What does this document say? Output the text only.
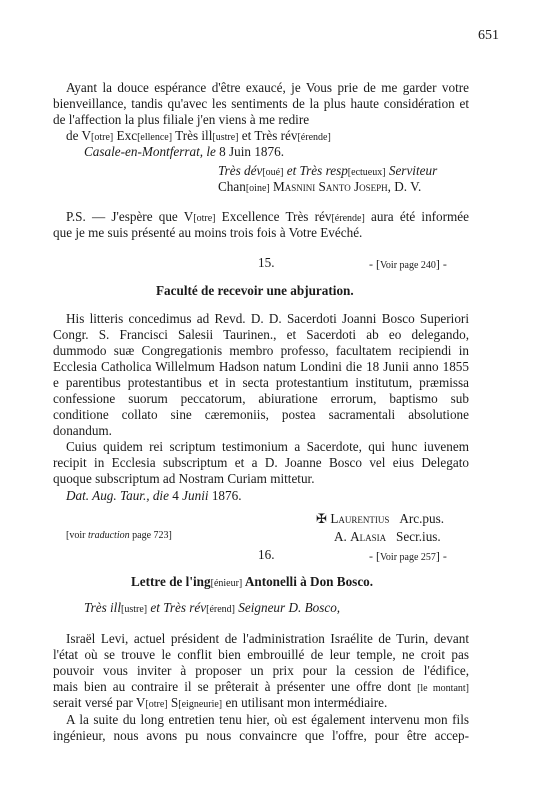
651
Ayant la douce espérance d'être exaucé, je Vous prie de me garder votre
bienveillance, tandis qu'avec les sentiments de la plus haute considération et
de l'affection la plus filiale j'en viens à me redire
de V[otre] Exc[ellence] Très ill[ustre] et Très rév[érende]
Casale-en-Montferrat, le 8 Juin 1876.
Très dév[oué] et Très resp[ectueux] Serviteur
Chan[oine] Masnini Santo Joseph, D. V.
P.S. — J'espère que V[otre] Excellence Très rév[érende] aura été informée
que je me suis présenté au moins trois fois à Votre Evéché.
15.	- [Voir page 240] -
Faculté de recevoir une abjuration.
His litteris concedimus ad Revd. D. D. Sacerdoti Joanni Bosco Superiori
Congr. S. Francisci Salesii Taurinen., et Sacerdoti ab eo delegando,
dummodo suæ Congregationis membro professo, facultatem recipiendi in
Ecclesia Catholica Willelmum Hadson natum Londini die 18 Junii anno 1855
e parentibus protestantibus et in secta protestantium institutum, præmissa
confessione suorum peccatorum, abiuratione errorum, baptismo sub
conditione collato sine cæremoniis, postea sacramentali absolutione
donandum.
Cuius quidem rei scriptum testimonium a Sacerdote, qui hunc iuvenem
recipit in Ecclesia subscriptum et a D. Joanne Bosco vel eius Delegato
quoque subscriptum ad Nostram Curiam mittetur.
Dat. Aug. Taur., die 4 Junii 1876.
✠ Laurentius Arc.pus.
A. Alasia Secr.ius.
[voir traduction page 723]
16.	- [Voir page 257] -
Lettre de l'ing[énieur] Antonelli à Don Bosco.
Très ill[ustre] et Très rév[érend] Seigneur D. Bosco,
Israël Levi, actuel président de l'administration Israélite de Turin, devant
l'état où se trouve le conflit bien embrouillé de leur temple, ne croit pas
pouvoir vous inviter à proposer un prix pour la cession de l'édifice,
mais bien au contraire il se prêterait à présenter une offre dont [le montant]
serait versé par V[otre] S[eigneurie] en utilisant mon intermédiaire.
A la suite du long entretien tenu hier, où est également intervenu mon fils
ingénieur, nous avons pu nous convaincre que l'offre, pour être accep-
